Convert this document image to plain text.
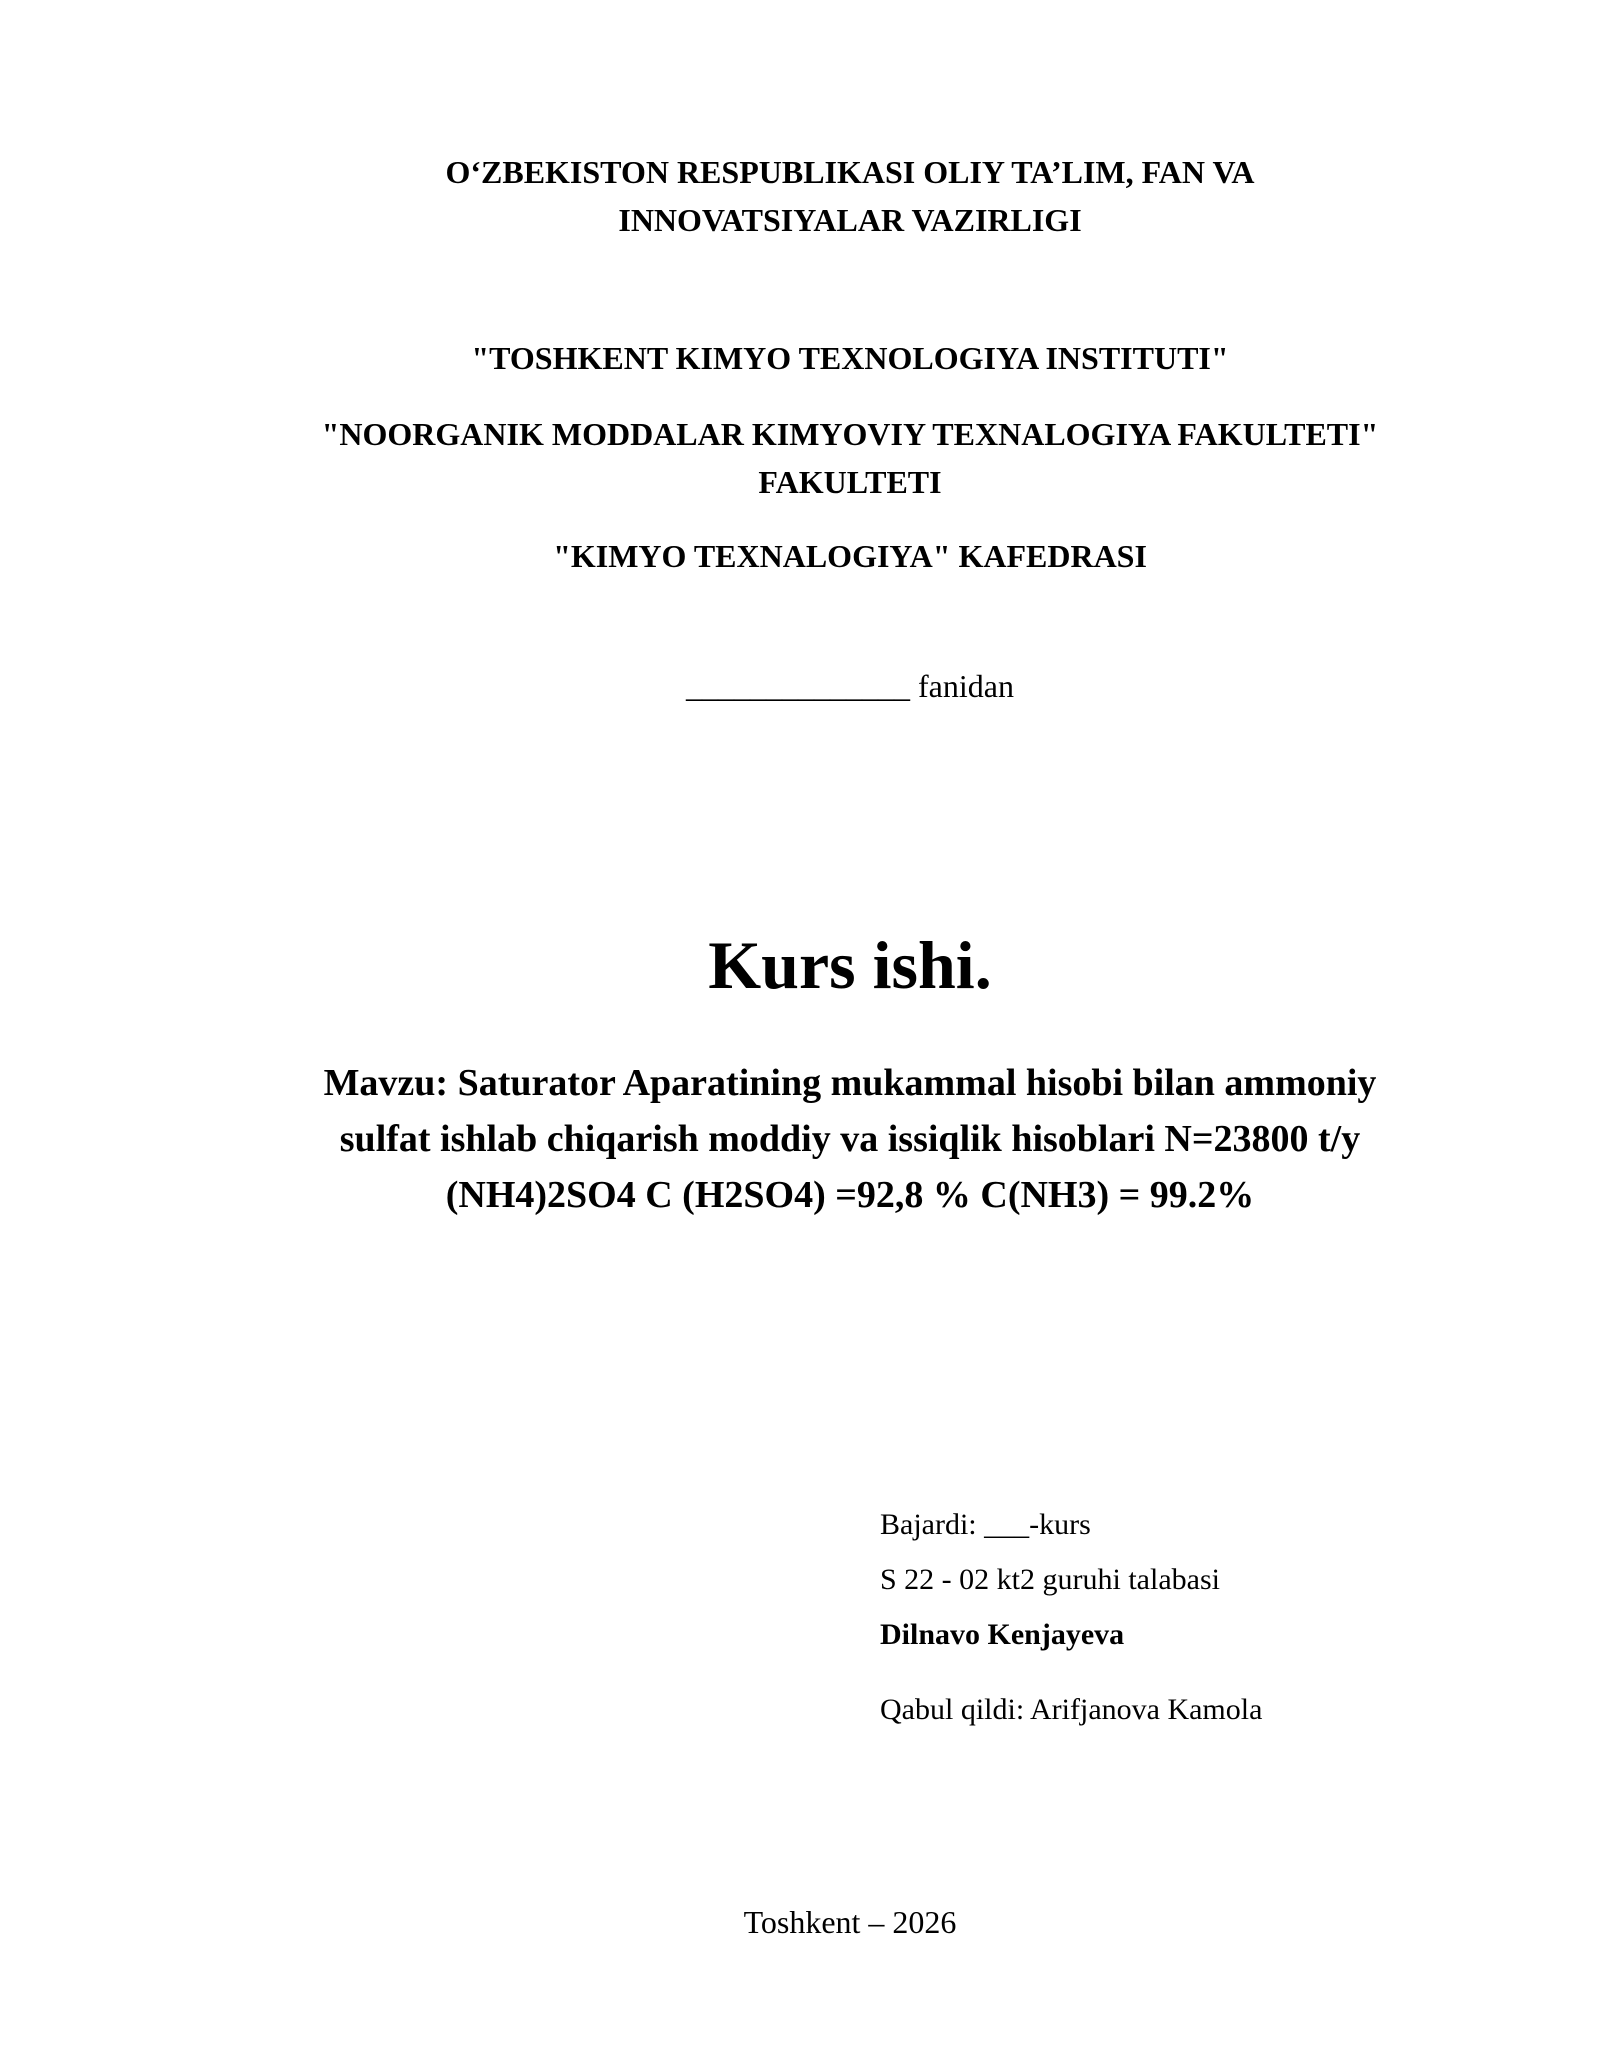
O‘ZBEKISTON RESPUBLIKASI OLIY TA’LIM, FAN VA
INNOVATSIYALAR VAZIRLIGI
"TOSHKENT KIMYO TEXNOLOGIYA INSTITUTI"
"NOORGANIK MODDALAR KIMYOVIY TEXNALOGIYA FAKULTETI"
FAKULTETI
"KIMYO TEXNALOGIYA" KAFEDRASI
______________ fanidan
Kurs ishi.
Mavzu: Saturator Aparatining mukammal hisobi bilan ammoniy
sulfat ishlab chiqarish moddiy va issiqlik hisoblari N=23800 t/y
(NH4)2SO4 C (H2SO4) =92,8 % C(NH3) = 99.2%
Bajardi: ___-kurs
S 22 - 02 kt2 guruhi talabasi
Dilnavo Kenjayeva
Qabul qildi: Arifjanova Kamola
Toshkent – 2026
